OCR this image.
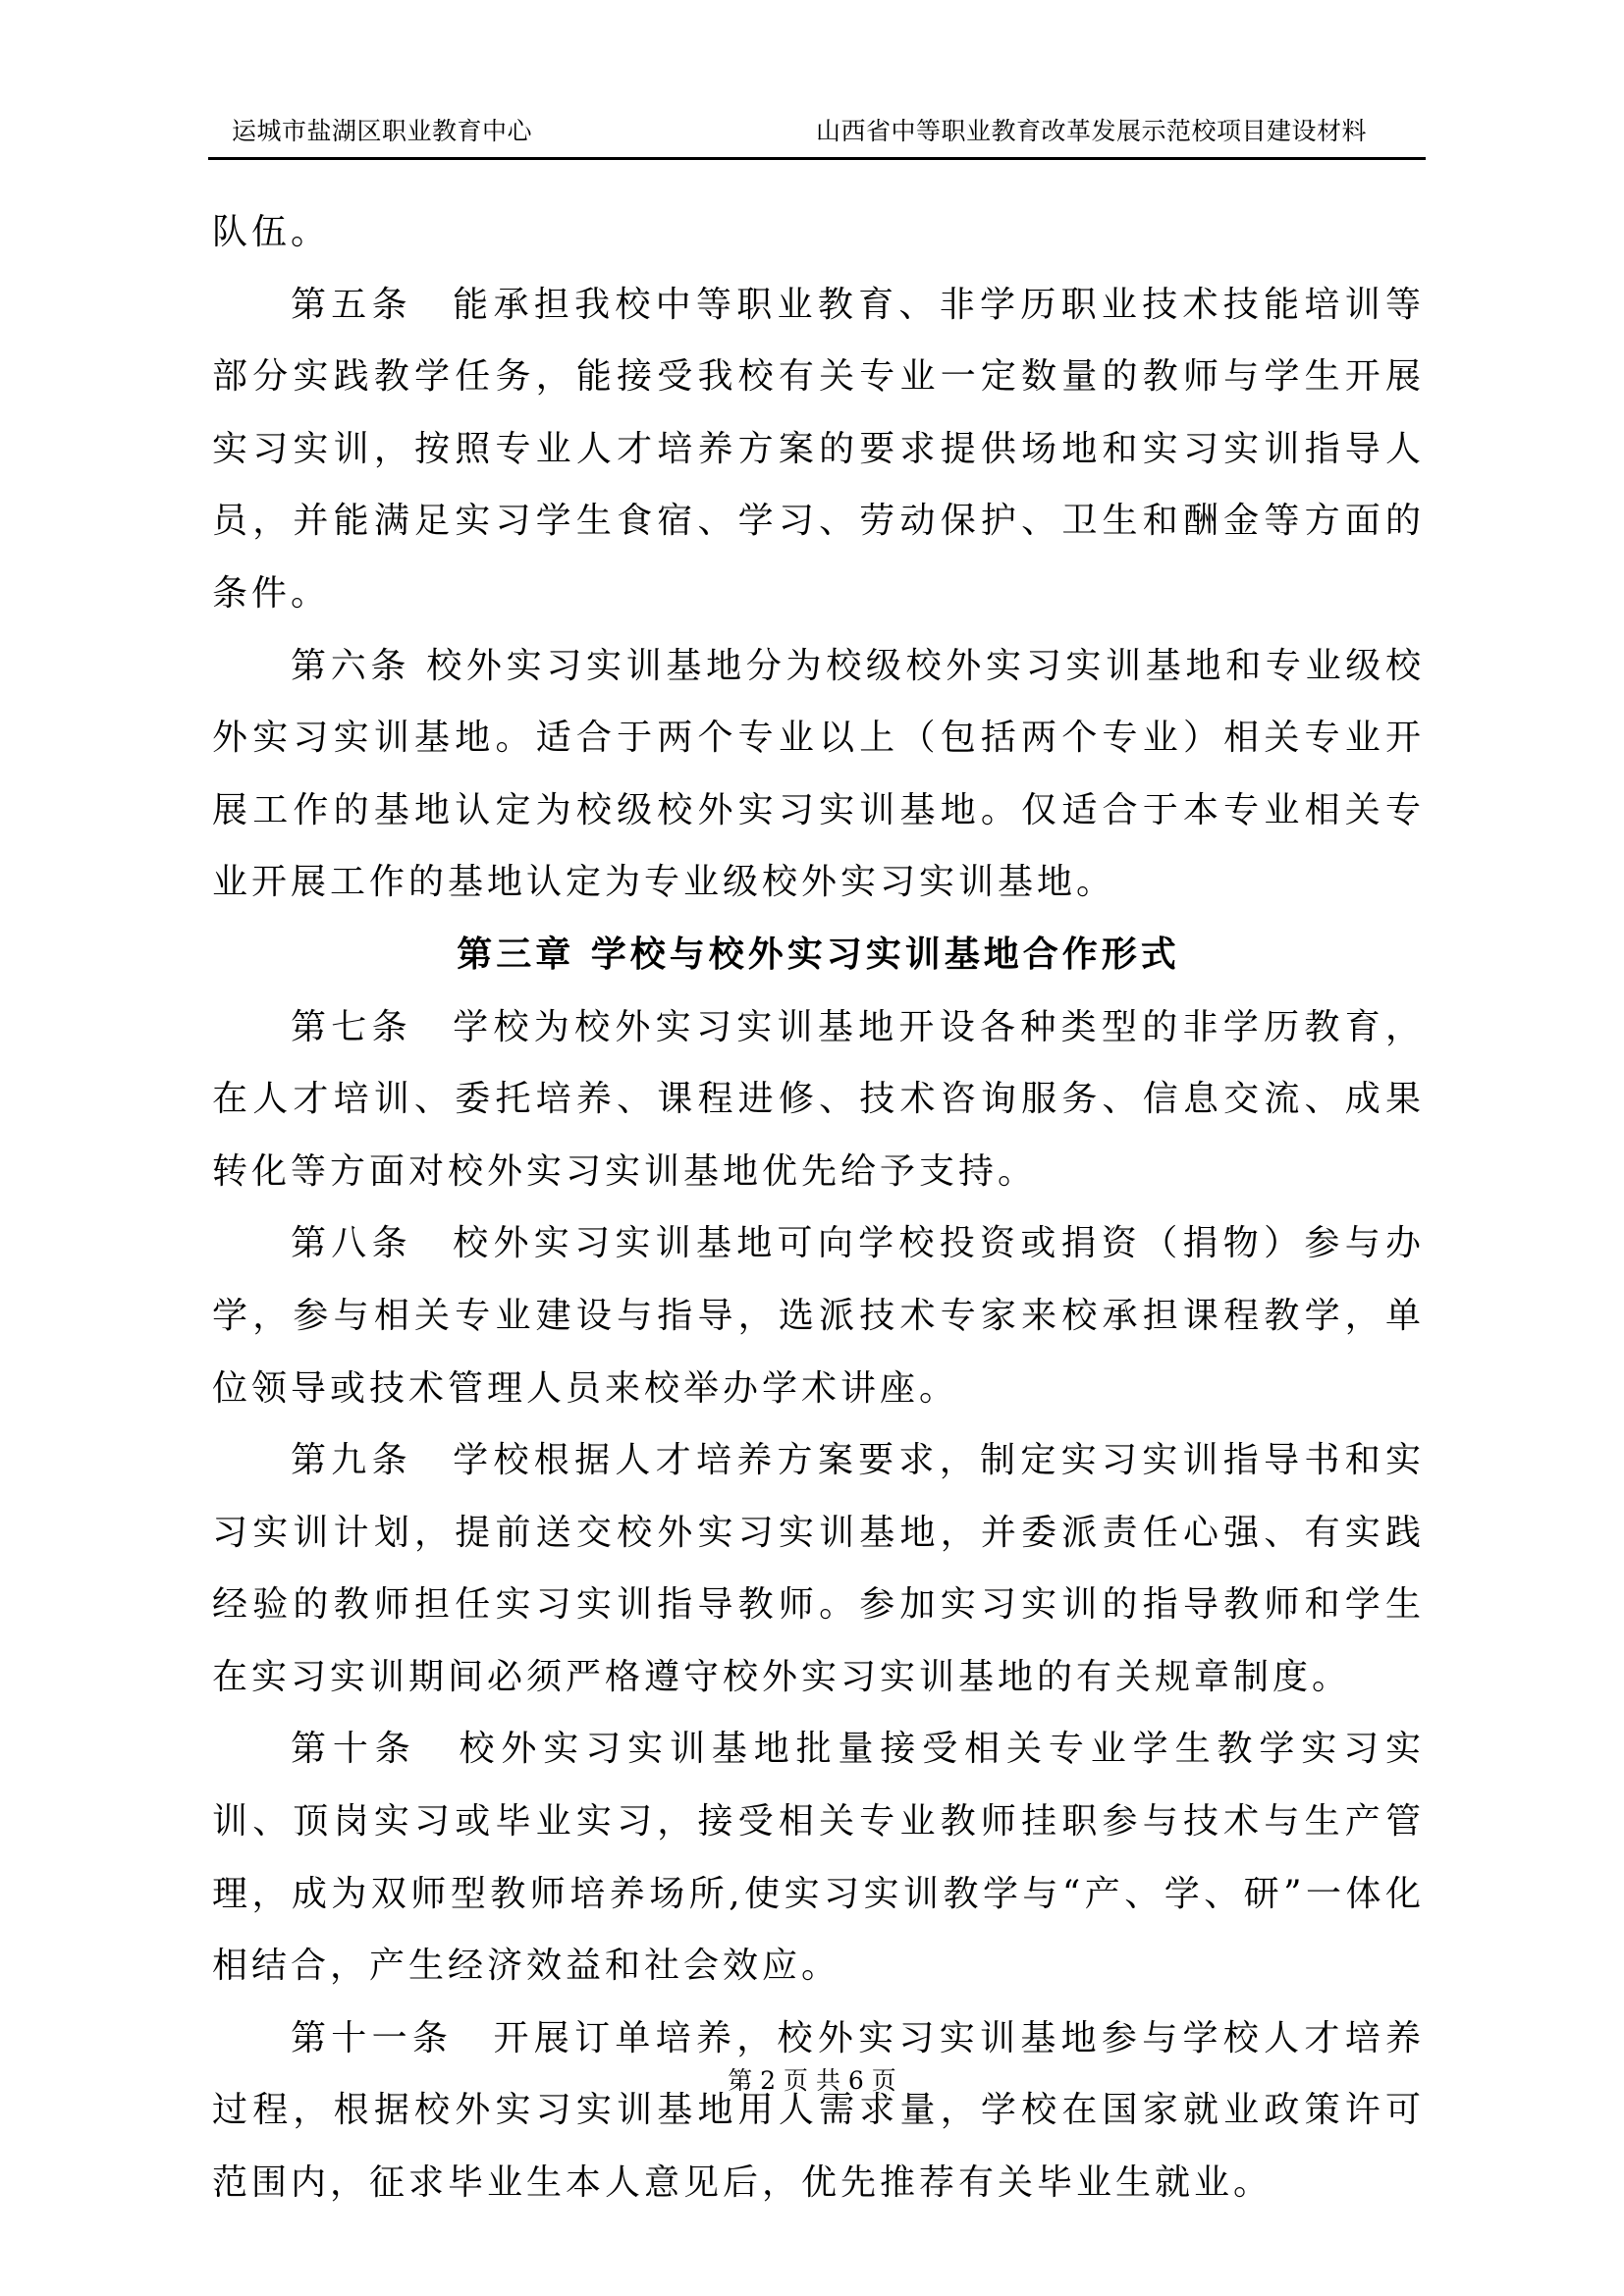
运城市盐湖区职业教育中心	山西省中等职业教育改革发展示范校项目建设材料

队伍。

第五条　能承担我校中等职业教育、非学历职业技术技能培训等部分实践教学任务，能接受我校有关专业一定数量的教师与学生开展实习实训，按照专业人才培养方案的要求提供场地和实习实训指导人员，并能满足实习学生食宿、学习、劳动保护、卫生和酬金等方面的条件。

第六条 校外实习实训基地分为校级校外实习实训基地和专业级校外实习实训基地。适合于两个专业以上（包括两个专业）相关专业开展工作的基地认定为校级校外实习实训基地。仅适合于本专业相关专业开展工作的基地认定为专业级校外实习实训基地。

第三章 学校与校外实习实训基地合作形式

第七条　学校为校外实习实训基地开设各种类型的非学历教育，在人才培训、委托培养、课程进修、技术咨询服务、信息交流、成果转化等方面对校外实习实训基地优先给予支持。

第八条　校外实习实训基地可向学校投资或捐资（捐物）参与办学，参与相关专业建设与指导，选派技术专家来校承担课程教学，单位领导或技术管理人员来校举办学术讲座。

第九条　学校根据人才培养方案要求，制定实习实训指导书和实习实训计划，提前送交校外实习实训基地，并委派责任心强、有实践经验的教师担任实习实训指导教师。参加实习实训的指导教师和学生在实习实训期间必须严格遵守校外实习实训基地的有关规章制度。

第十条　校外实习实训基地批量接受相关专业学生教学实习实训、顶岗实习或毕业实习，接受相关专业教师挂职参与技术与生产管理，成为双师型教师培养场所,使实习实训教学与“产、学、研”一体化相结合，产生经济效益和社会效应。

第十一条　开展订单培养，校外实习实训基地参与学校人才培养过程，根据校外实习实训基地用人需求量，学校在国家就业政策许可范围内，征求毕业生本人意见后，优先推荐有关毕业生就业。

第 2 页 共 6 页
